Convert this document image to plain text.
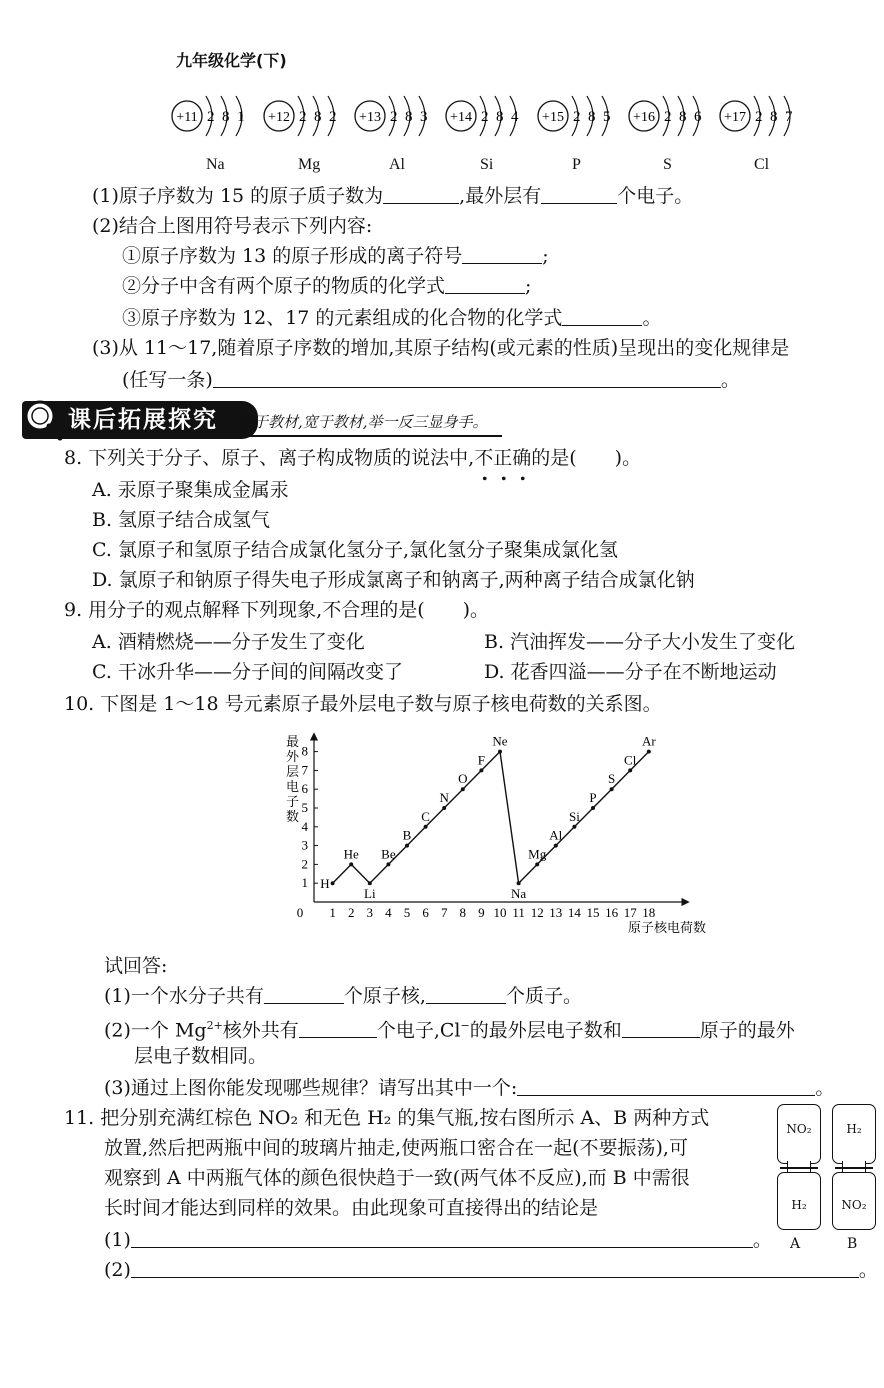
九年级化学(下)
+11 2 8 1
Na
+12 2 8 2
Mg
+13 2 8 3
Al
+14 2 8 4
Si
+15 2 8 5
P
+16 2 8 6
S
+17 2 8 7
Cl
(1)原子序数为 15 的原子质子数为	,最外层有	个电子。
(2)结合上图用符号表示下列内容:
①原子序数为 13 的原子形成的离子符号	;
②分子中含有两个原子的物质的化学式	;
③原子序数为 12、17 的元素组成的化合物的化学式	。
(3)从 11～17,随着原子序数的增加,其原子结构(或元素的性质)呈现出的变化规律是
(任写一条)	。
课后拓展探究	源于教材,宽于教材,举一反三显身手。
8. 下列关于分子、原子、离子构成物质的说法中,不正确的是(　　)。
A. 汞原子聚集成金属汞
B. 氢原子结合成氢气
C. 氯原子和氢原子结合成氯化氢分子,氯化氢分子聚集成氯化氢
D. 氯原子和钠原子得失电子形成氯离子和钠离子,两种离子结合成氯化钠
9. 用分子的观点解释下列现象,不合理的是(　　)。
A. 酒精燃烧——分子发生了变化	B. 汽油挥发——分子大小发生了变化
C. 干冰升华——分子间的间隔改变了	D. 花香四溢——分子在不断地运动
10. 下图是 1～18 号元素原子最外层电子数与原子核电荷数的关系图。
最
外
层
电
子
数
原子核电荷数
0 1 2 3 4 5 6 7 8 9 10 11 12 13 14 15 16 17 18
1
2
3
4
5
6
7
8
H
He
Li
Be
B
C
N
O
F
Ne
Na
Mg
Al
Si
P
S
Cl
Ar
试回答:
(1)一个水分子共有	个原子核,	个质子。
(2)一个 $Mg^{2+}$核外共有	个电子,Cl−的最外层电子数和	原子的最外
层电子数相同。
(3)通过上图你能发现哪些规律？请写出其中一个:	。
11. 把分别充满红棕色 NO₂ 和无色 H₂ 的集气瓶,按右图所示 A、B 两种方式
放置,然后把两瓶中间的玻璃片抽走,使两瓶口密合在一起(不要振荡),可
观察到 A 中两瓶气体的颜色很快趋于一致(两气体不反应),而 B 中需很
长时间才能达到同样的效果。由此现象可直接得出的结论是
(1)	。
(2)	。
NO₂
H₂
A
H₂
NO₂
B
